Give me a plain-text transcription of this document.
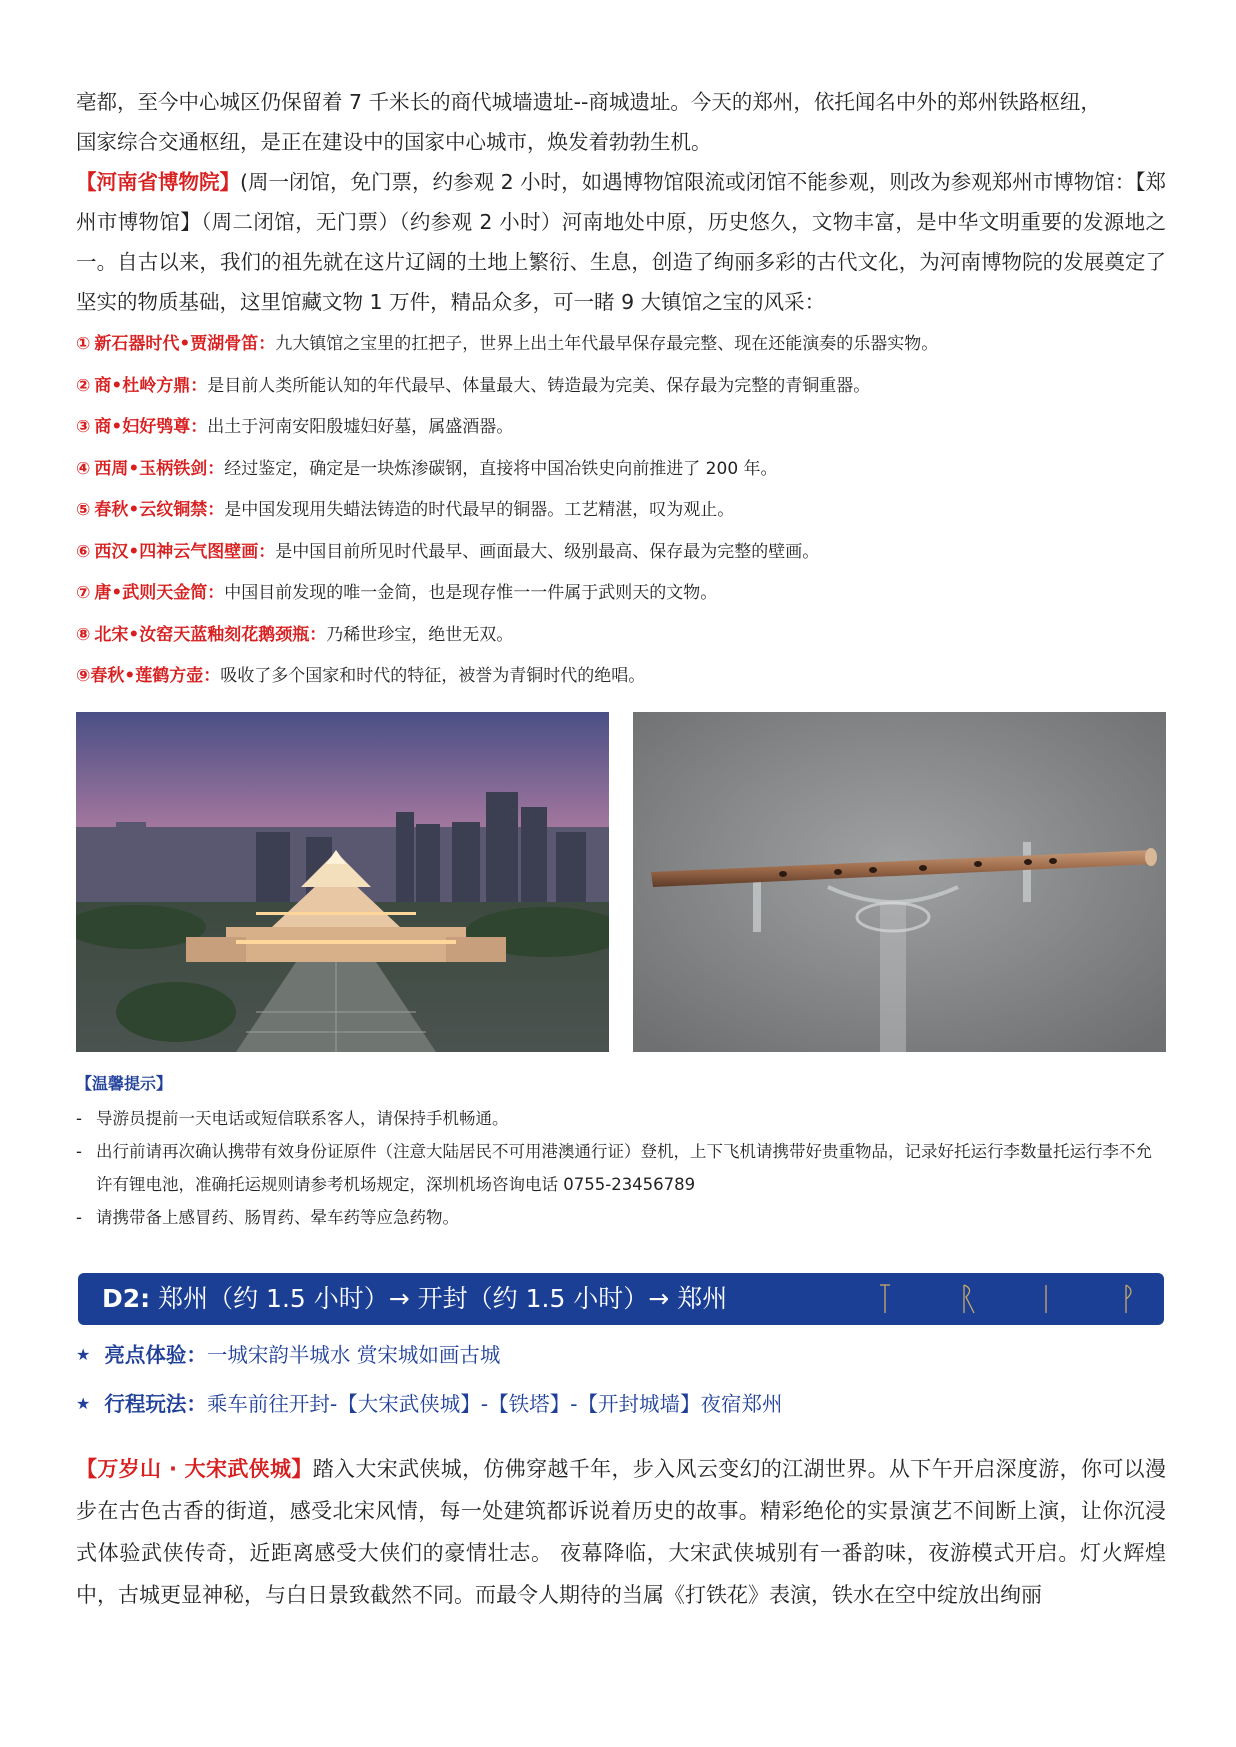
亳都，至今中心城区仍保留着 7 千米长的商代城墙遗址--商城遗址。今天的郑州，依托闻名中外的郑州铁路枢纽，
国家综合交通枢纽，是正在建设中的国家中心城市，焕发着勃勃生机。

【河南省博物院】(周一闭馆，免门票，约参观 2 小时，如遇博物馆限流或闭馆不能参观，则改为参观郑州市博物馆：【郑州市博物馆】（周二闭馆，无门票）（约参观 2 小时）河南地处中原，历史悠久，文物丰富，是中华文明重要的发源地之一。自古以来，我们的祖先就在这片辽阔的土地上繁衍、生息，创造了绚丽多彩的古代文化，为河南博物院的发展奠定了坚实的物质基础，这里馆藏文物 1 万件，精品众多，可一睹 9 大镇馆之宝的风采：

① 新石器时代•贾湖骨笛：九大镇馆之宝里的扛把子，世界上出土年代最早保存最完整、现在还能演奏的乐器实物。
② 商•杜岭方鼎：是目前人类所能认知的年代最早、体量最大、铸造最为完美、保存最为完整的青铜重器。
③ 商•妇好鸮尊：出土于河南安阳殷墟妇好墓，属盛酒器。
④ 西周•玉柄铁剑：经过鉴定，确定是一块炼渗碳钢，直接将中国冶铁史向前推进了 200 年。
⑤ 春秋•云纹铜禁：是中国发现用失蜡法铸造的时代最早的铜器。工艺精湛，叹为观止。
⑥ 西汉•四神云气图壁画：是中国目前所见时代最早、画面最大、级别最高、保存最为完整的壁画。
⑦ 唐•武则天金简：中国目前发现的唯一金简，也是现存惟一一件属于武则天的文物。
⑧ 北宋•汝窑天蓝釉刻花鹅颈瓶：乃稀世珍宝，绝世无双。
⑨春秋•莲鹤方壶：吸收了多个国家和时代的特征，被誉为青铜时代的绝唱。
【温馨提示】
- 导游员提前一天电话或短信联系客人，请保持手机畅通。
- 出行前请再次确认携带有效身份证原件（注意大陆居民不可用港澳通行证）登机，上下飞机请携带好贵重物品，记录好托运行李数量托运行李不允许有锂电池，准确托运规则请参考机场规定，深圳机场咨询电话 0755-23456789
- 请携带备上感冒药、肠胃药、晕车药等应急药物。
D2: 郑州（约 1.5 小时）→ 开封（约 1.5 小时）→ 郑州
★ 亮点体验：一城宋韵半城水 赏宋城如画古城
★ 行程玩法：乘车前往开封-【大宋武侠城】-【铁塔】-【开封城墙】夜宿郑州

【万岁山 · 大宋武侠城】踏入大宋武侠城，仿佛穿越千年，步入风云变幻的江湖世界。从下午开启深度游，你可以漫步在古色古香的街道，感受北宋风情，每一处建筑都诉说着历史的故事。精彩绝伦的实景演艺不间断上演，让你沉浸式体验武侠传奇，近距离感受大侠们的豪情壮志。 夜幕降临，大宋武侠城别有一番韵味，夜游模式开启。灯火辉煌中，古城更显神秘，与白日景致截然不同。而最令人期待的当属《打铁花》表演，铁水在空中绽放出绚丽
